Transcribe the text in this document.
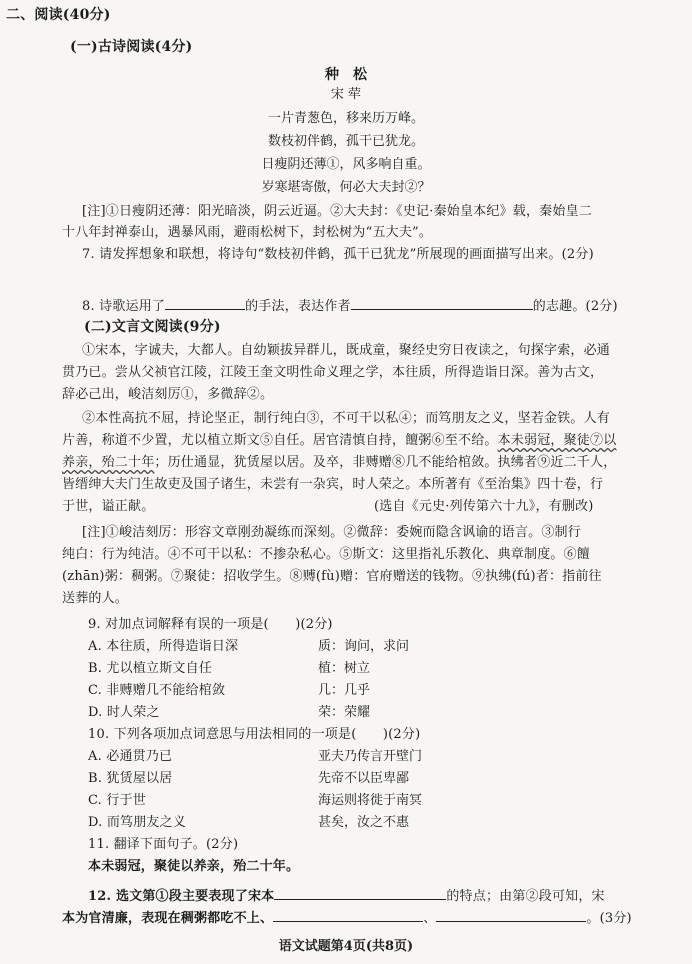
二、阅读(40分)
(一)古诗阅读(4分)
种　松
宋 荦
一片青葱色，移来历万峰。
数枝初伴鹤，孤干已犹龙。
日瘦阴还薄①，风多响自重。
岁寒堪寄傲，何必大夫封②？
[注]①日瘦阴还薄：阳光暗淡，阴云近逼。②大夫封：《史记·秦始皇本纪》载，秦始皇二
十八年封禅泰山，遇暴风雨，避雨松树下，封松树为“五大夫”。
7. 请发挥想象和联想，将诗句“数枝初伴鹤，孤干已犹龙”所展现的画面描写出来。(2分)
8. 诗歌运用了	的手法，表达作者	的志趣。(2分)
(二)文言文阅读(9分)
①宋本，字诚夫，大都人。自幼颖拔异群儿，既成童，聚经史穷日夜读之，句探字索，必通
贯乃已。尝从父祯官江陵，江陵王奎文明性命义理之学，本往质，所得造诣日深。善为古文，
辞必己出，峻洁刻厉①，多微辞②。
②本性高抗不屈，持论坚正，制行纯白③，不可干以私④；而笃朋友之义，坚若金铁。人有
片善，称道不少置，尤以植立斯文⑤自任。居官清慎自持，饘粥⑥至不给。本未弱冠，聚徒⑦以
养亲，殆二十年；历仕通显，犹赁屋以居。及卒，非赙赠⑧几不能给棺敛。执绋者⑨近二千人，
皆缙绅大夫门生故吏及国子诸生，未尝有一杂宾，时人荣之。本所著有《至治集》四十卷，行
于世，谥正献。	(选自《元史·列传第六十九》，有删改)
[注]①峻洁刻厉：形容文章刚劲凝练而深刻。②微辞：委婉而隐含讽谕的语言。③制行
纯白：行为纯洁。④不可干以私：不掺杂私心。⑤斯文：这里指礼乐教化、典章制度。⑥饘
(zhān)粥：稠粥。⑦聚徒：招收学生。⑧赙(fù)赠：官府赠送的钱物。⑨执绋(fú)者：指前往
送葬的人。
9. 对加点词解释有误的一项是(　　)(2分)
A. 本往质，所得造诣日深	质：询问，求问
B. 尤以植立斯文自任	植：树立
C. 非赙赠几不能给棺敛	几：几乎
D. 时人荣之	荣：荣耀
10. 下列各项加点词意思与用法相同的一项是(　　)(2分)
A. 必通贯乃已	亚夫乃传言开壁门
B. 犹赁屋以居	先帝不以臣卑鄙
C. 行于世	海运则将徙于南冥
D. 而笃朋友之义	甚矣，汝之不惠
11. 翻译下面句子。(2分)
本未弱冠，聚徒以养亲，殆二十年。
12. 选文第①段主要表现了宋本	的特点；由第②段可知，宋
本为官清廉，表现在稠粥都吃不上、	、	。(3分)
语文试题第4页(共8页)
